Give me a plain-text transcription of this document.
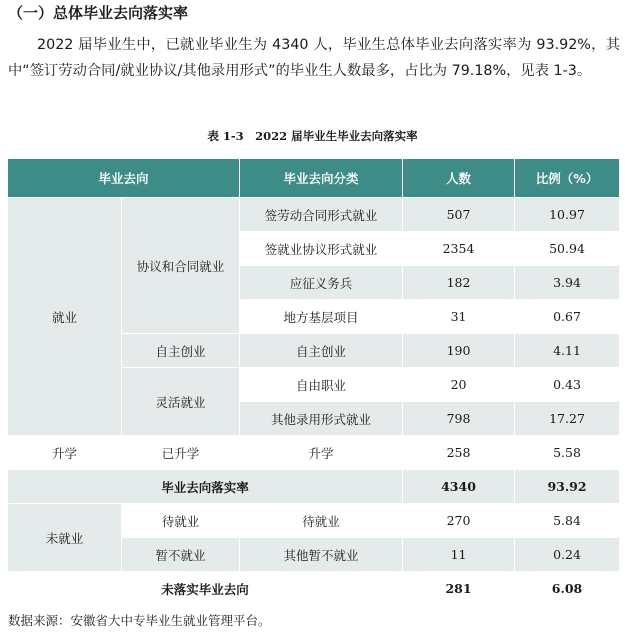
（一）总体毕业去向落实率

2022 届毕业生中，已就业毕业生为 4340 人，毕业生总体毕业去向落实率为 93.92%，其中“签订劳动合同/就业协议/其他录用形式”的毕业生人数最多，占比为 79.18%，见表 1-3。

表 1-3　2022 届毕业生毕业去向落实率

毕业去向		毕业去向分类	人数	比例（%）
就业	协议和合同就业	签劳动合同形式就业	507	10.97
		签就业协议形式就业	2354	50.94
		应征义务兵	182	3.94
		地方基层项目	31	0.67
	自主创业	自主创业	190	4.11
	灵活就业	自由职业	20	0.43
		其他录用形式就业	798	17.27
升学	已升学	升学	258	5.58
毕业去向落实率			4340	93.92
未就业	待就业	待就业	270	5.84
	暂不就业	其他暂不就业	11	0.24
未落实毕业去向			281	6.08

数据来源：安徽省大中专毕业生就业管理平台。
